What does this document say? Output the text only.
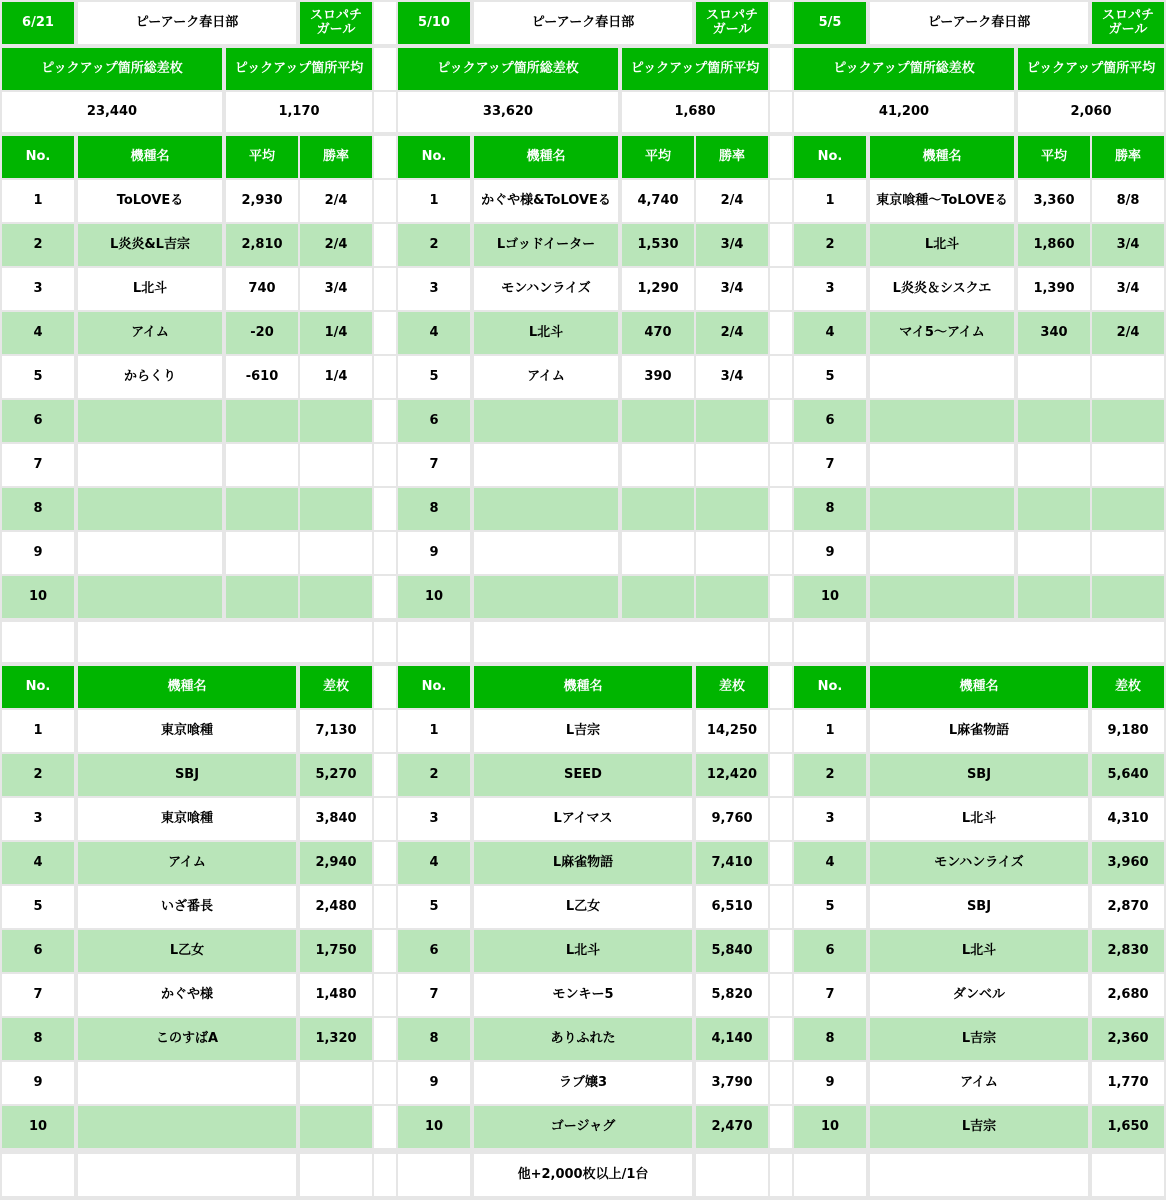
6/21	ピーアーク春日部	スロパチ
ガール
ピックアップ箇所総差枚	ピックアップ箇所平均
23,440	1,170
No.	機種名	平均	勝率
1	ToLOVEる	2,930	2/4
2	L炎炎&L吉宗	2,810	2/4
3	L北斗	740	3/4
4	アイム	-20	1/4
5	からくり	-610	1/4
6
7
8
9
10
No.	機種名	差枚
1	東京喰種	7,130
2	SBJ	5,270
3	東京喰種	3,840
4	アイム	2,940
5	いざ番長	2,480
6	L乙女	1,750
7	かぐや様	1,480
8	このすばA	1,320
9
10
5/10	ピーアーク春日部	スロパチ
ガール
ピックアップ箇所総差枚	ピックアップ箇所平均
33,620	1,680
No.	機種名	平均	勝率
1	かぐや様&ToLOVEる	4,740	2/4
2	Lゴッドイーター	1,530	3/4
3	モンハンライズ	1,290	3/4
4	L北斗	470	2/4
5	アイム	390	3/4
6
7
8
9
10
No.	機種名	差枚
1	L吉宗	14,250
2	SEED	12,420
3	Lアイマス	9,760
4	L麻雀物語	7,410
5	L乙女	6,510
6	L北斗	5,840
7	モンキー5	5,820
8	ありふれた	4,140
9	ラブ嬢3	3,790
10	ゴージャグ	2,470
他+2,000枚以上/1台
5/5	ピーアーク春日部	スロパチ
ガール
ピックアップ箇所総差枚	ピックアップ箇所平均
41,200	2,060
No.	機種名	平均	勝率
1	東京喰種～ToLOVEる	3,360	8/8
2	L北斗	1,860	3/4
3	L炎炎＆シスクエ	1,390	3/4
4	マイ5～アイム	340	2/4
5
6
7
8
9
10
No.	機種名	差枚
1	L麻雀物語	9,180
2	SBJ	5,640
3	L北斗	4,310
4	モンハンライズ	3,960
5	SBJ	2,870
6	L北斗	2,830
7	ダンベル	2,680
8	L吉宗	2,360
9	アイム	1,770
10	L吉宗	1,650
